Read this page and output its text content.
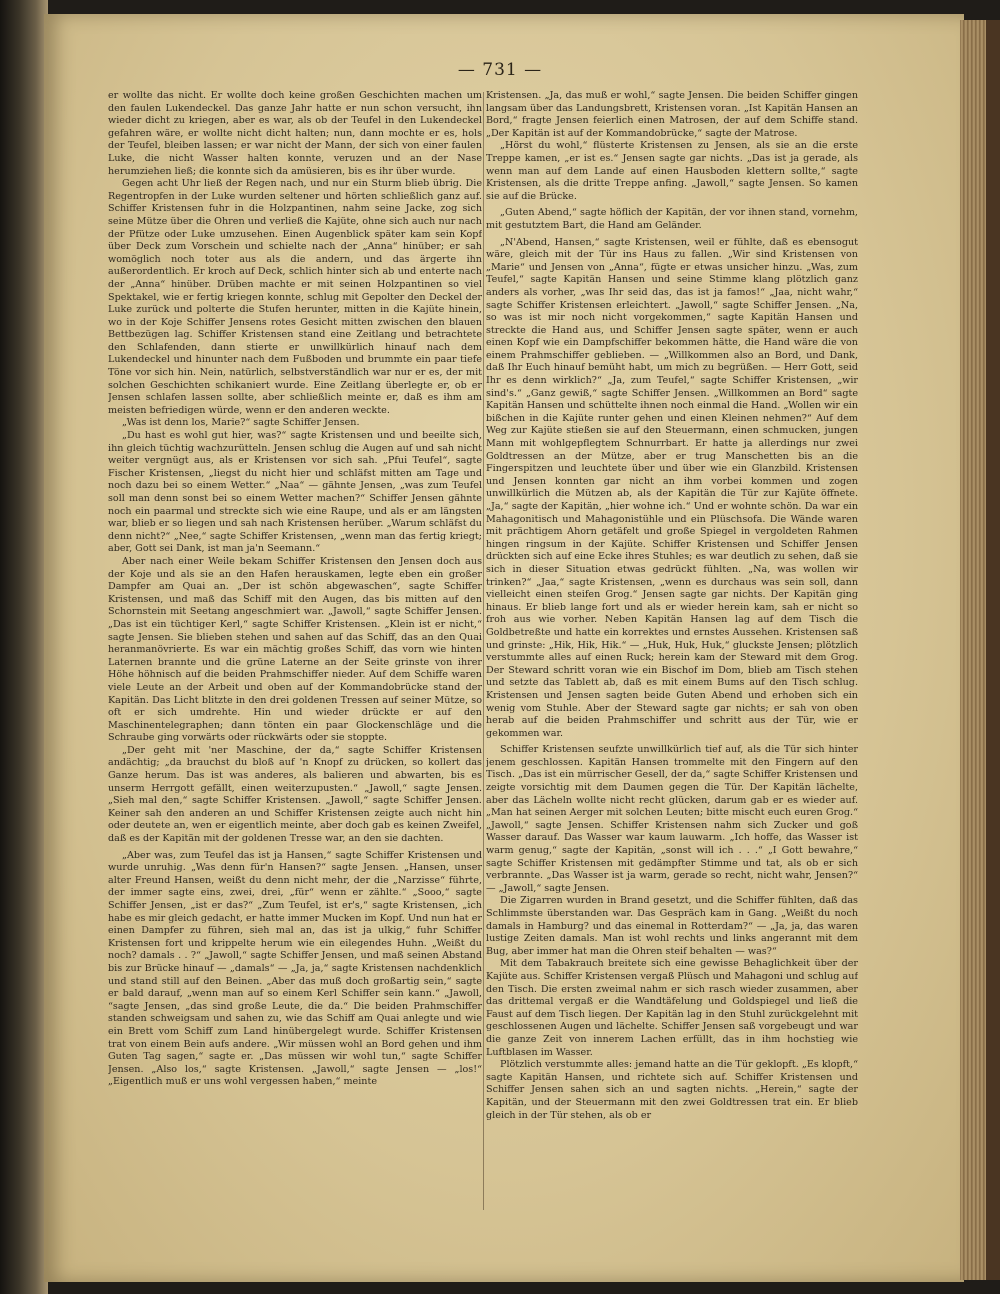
— 731 —

er wollte das nicht. Er wollte doch keine großen Geschichten machen um den faulen Lukendeckel. Das ganze Jahr hatte er nun schon versucht, ihn wieder dicht zu kriegen, aber es war, als ob der Teufel in den Lukendeckel gefahren wäre, er wollte nicht dicht halten; nun, dann mochte er es, hols der Teufel, bleiben lassen; er war nicht der Mann, der sich von einer faulen Luke, die nicht Wasser halten konnte, veruzen und an der Nase herumziehen ließ; die konnte sich da amüsieren, bis es ihr über wurde.

Gegen acht Uhr ließ der Regen nach, und nur ein Sturm blieb übrig. Die Regentropfen in der Luke wurden seltener und hörten schließlich ganz auf. Schiffer Kristensen fuhr in die Holzpantinen, nahm seine Jacke, zog sich seine Mütze über die Ohren und verließ die Kajüte, ohne sich auch nur nach der Pfütze oder Luke umzusehen. Einen Augenblick später kam sein Kopf über Deck zum Vorschein und schielte nach der „Anna“ hinüber; er sah womöglich noch toter aus als die andern, und das ärgerte ihn außerordentlich. Er kroch auf Deck, schlich hinter sich ab und enterte nach der „Anna“ hinüber. Drüben machte er mit seinen Holzpantinen so viel Spektakel, wie er fertig kriegen konnte, schlug mit Gepolter den Deckel der Luke zurück und polterte die Stufen herunter, mitten in die Kajüte hinein, wo in der Koje Schiffer Jensens rotes Gesicht mitten zwischen den blauen Bettbezügen lag. Schiffer Kristensen stand eine Zeitlang und betrachtete den Schlafenden, dann stierte er unwillkürlich hinauf nach dem Lukendeckel und hinunter nach dem Fußboden und brummte ein paar tiefe Töne vor sich hin. Nein, natürlich, selbstverständlich war nur er es, der mit solchen Geschichten schikaniert wurde. Eine Zeitlang überlegte er, ob er Jensen schlafen lassen sollte, aber schließlich meinte er, daß es ihm am meisten befriedigen würde, wenn er den anderen weckte.

„Was ist denn los, Marie?“ sagte Schiffer Jensen.

„Du hast es wohl gut hier, was?“ sagte Kristensen und und beeilte sich, ihn gleich tüchtig wachzurütteln. Jensen schlug die Augen auf und sah nicht weiter vergnügt aus, als er Kristensen vor sich sah. „Pfui Teufel“, sagte Fischer Kristensen, „liegst du nicht hier und schläfst mitten am Tage und noch dazu bei so einem Wetter.“ „Naa“ — gähnte Jensen, „was zum Teufel soll man denn sonst bei so einem Wetter machen?“ Schiffer Jensen gähnte noch ein paarmal und streckte sich wie eine Raupe, und als er am längsten war, blieb er so liegen und sah nach Kristensen herüber. „Warum schläfst du denn nicht?“ „Nee,“ sagte Schiffer Kristensen, „wenn man das fertig kriegt; aber, Gott sei Dank, ist man ja'n Seemann.“

Aber nach einer Weile bekam Schiffer Kristensen den Jensen doch aus der Koje und als sie an den Hafen herauskamen, legte eben ein großer Dampfer am Quai an. „Der ist schön abgewaschen“, sagte Schiffer Kristensen, und maß das Schiff mit den Augen, das bis mitten auf den Schornstein mit Seetang angeschmiert war. „Jawoll,“ sagte Schiffer Jensen. „Das ist ein tüchtiger Kerl,“ sagte Schiffer Kristensen. „Klein ist er nicht,“ sagte Jensen. Sie blieben stehen und sahen auf das Schiff, das an den Quai heranmanövrierte. Es war ein mächtig großes Schiff, das vorn wie hinten Laternen brannte und die grüne Laterne an der Seite grinste von ihrer Höhe höhnisch auf die beiden Prahmschiffer nieder. Auf dem Schiffe waren viele Leute an der Arbeit und oben auf der Kommandobrücke stand der Kapitän. Das Licht blitzte in den drei goldenen Tressen auf seiner Mütze, so oft er sich umdrehte. Hin und wieder drückte er auf den Maschinentelegraphen; dann tönten ein paar Glockenschläge und die Schraube ging vorwärts oder rückwärts oder sie stoppte.

„Der geht mit 'ner Maschine, der da,“ sagte Schiffer Kristensen andächtig; „da brauchst du bloß auf 'n Knopf zu drücken, so kollert das Ganze herum. Das ist was anderes, als balieren und abwarten, bis es unserm Herrgott gefällt, einen weiterzupusten.“ „Jawoll,“ sagte Jensen. „Sieh mal den,“ sagte Schiffer Kristensen. „Jawoll,“ sagte Schiffer Jensen. Keiner sah den anderen an und Schiffer Kristensen zeigte auch nicht hin oder deutete an, wen er eigentlich meinte, aber doch gab es keinen Zweifel, daß es der Kapitän mit der goldenen Tresse war, an den sie dachten.

„Aber was, zum Teufel das ist ja Hansen,“ sagte Schiffer Kristensen und wurde unruhig. „Was denn für'n Hansen?“ sagte Jensen. „Hansen, unser alter Freund Hansen, weißt du denn nicht mehr, der die „Narzisse“ führte, der immer sagte eins, zwei, drei, „für“ wenn er zählte.“ „Sooo,“ sagte Schiffer Jensen, „ist er das?“ „Zum Teufel, ist er's,“ sagte Kristensen, „ich habe es mir gleich gedacht, er hatte immer Mucken im Kopf. Und nun hat er einen Dampfer zu führen, sieh mal an, das ist ja ulkig,“ fuhr Schiffer Kristensen fort und krippelte herum wie ein eilegendes Huhn. „Weißt du noch? damals . . ?“ „Jawoll,“ sagte Schiffer Jensen, und maß seinen Abstand bis zur Brücke hinauf — „damals“ — „Ja, ja,“ sagte Kristensen nachdenklich und stand still auf den Beinen. „Aber das muß doch großartig sein,“ sagte er bald darauf, „wenn man auf so einem Kerl Schiffer sein kann.“ „Jawoll, “sagte Jensen, „das sind große Leute, die da.“ Die beiden Prahmschiffer standen schweigsam und sahen zu, wie das Schiff am Quai anlegte und wie ein Brett vom Schiff zum Land hinübergelegt wurde. Schiffer Kristensen trat von einem Bein aufs andere. „Wir müssen wohl an Bord gehen und ihm Guten Tag sagen,“ sagte er. „Das müssen wir wohl tun,“ sagte Schiffer Jensen. „Also los,“ sagte Kristensen. „Jawoll,“ sagte Jensen — „los!“ „Eigentlich muß er uns wohl vergessen haben,“ meinte

Kristensen. „Ja, das muß er wohl,“ sagte Jensen. Die beiden Schiffer gingen langsam über das Landungsbrett, Kristensen voran. „Ist Kapitän Hansen an Bord,“ fragte Jensen feierlich einen Matrosen, der auf dem Schiffe stand. „Der Kapitän ist auf der Kommandobrücke,“ sagte der Matrose.

„Hörst du wohl,“ flüsterte Kristensen zu Jensen, als sie an die erste Treppe kamen, „er ist es.“ Jensen sagte gar nichts. „Das ist ja gerade, als wenn man auf dem Lande auf einen Hausboden klettern sollte,“ sagte Kristensen, als die dritte Treppe anfing. „Jawoll,“ sagte Jensen. So kamen sie auf die Brücke.

„Guten Abend,“ sagte höflich der Kapitän, der vor ihnen stand, vornehm, mit gestutztem Bart, die Hand am Geländer.

„N'Abend, Hansen,“ sagte Kristensen, weil er fühlte, daß es ebensogut wäre, gleich mit der Tür ins Haus zu fallen. „Wir sind Kristensen von „Marie“ und Jensen von „Anna“, fügte er etwas unsicher hinzu. „Was, zum Teufel,“ sagte Kapitän Hansen und seine Stimme klang plötzlich ganz anders als vorher, „was Ihr seid das, das ist ja famos!“ „Jaa, nicht wahr,“ sagte Schiffer Kristensen erleichtert. „Jawoll,“ sagte Schiffer Jensen. „Na, so was ist mir noch nicht vorgekommen,“ sagte Kapitän Hansen und streckte die Hand aus, und Schiffer Jensen sagte später, wenn er auch einen Kopf wie ein Dampfschiffer bekommen hätte, die Hand wäre die von einem Prahmschiffer geblieben. — „Willkommen also an Bord, und Dank, daß Ihr Euch hinauf bemüht habt, um mich zu begrüßen. — Herr Gott, seid Ihr es denn wirklich?“ „Ja, zum Teufel,“ sagte Schiffer Kristensen, „wir sind's.“ „Ganz gewiß,“ sagte Schiffer Jensen. „Willkommen an Bord“ sagte Kapitän Hansen und schüttelte ihnen noch einmal die Hand. „Wollen wir ein bißchen in die Kajüte runter gehen und einen Kleinen nehmen?“ Auf dem Weg zur Kajüte stießen sie auf den Steuermann, einen schmucken, jungen Mann mit wohlgepflegtem Schnurrbart. Er hatte ja allerdings nur zwei Goldtressen an der Mütze, aber er trug Manschetten bis an die Fingerspitzen und leuchtete über und über wie ein Glanzbild. Kristensen und Jensen konnten gar nicht an ihm vorbei kommen und zogen unwillkürlich die Mützen ab, als der Kapitän die Tür zur Kajüte öffnete. „Ja,“ sagte der Kapitän, „hier wohne ich.“ Und er wohnte schön. Da war ein Mahagonitisch und Mahagonistühle und ein Plüschsofa. Die Wände waren mit prächtigem Ahorn getäfelt und große Spiegel in vergoldeten Rahmen hingen ringsum in der Kajüte. Schiffer Kristensen und Schiffer Jensen drückten sich auf eine Ecke ihres Stuhles; es war deutlich zu sehen, daß sie sich in dieser Situation etwas gedrückt fühlten. „Na, was wollen wir trinken?“ „Jaa,“ sagte Kristensen, „wenn es durchaus was sein soll, dann vielleicht einen steifen Grog.“ Jensen sagte gar nichts. Der Kapitän ging hinaus. Er blieb lange fort und als er wieder herein kam, sah er nicht so froh aus wie vorher. Neben Kapitän Hansen lag auf dem Tisch die Goldbetreßte und hatte ein korrektes und ernstes Aussehen. Kristensen saß und grinste: „Hik, Hik, Hik.“ — „Huk, Huk, Huk,“ gluckste Jensen; plötzlich verstummte alles auf einen Ruck; herein kam der Steward mit dem Grog. Der Steward schritt voran wie ein Bischof im Dom, blieb am Tisch stehen und setzte das Tablett ab, daß es mit einem Bums auf den Tisch schlug. Kristensen und Jensen sagten beide Guten Abend und erhoben sich ein wenig vom Stuhle. Aber der Steward sagte gar nichts; er sah von oben herab auf die beiden Prahmschiffer und schritt aus der Tür, wie er gekommen war.

Schiffer Kristensen seufzte unwillkürlich tief auf, als die Tür sich hinter jenem geschlossen. Kapitän Hansen trommelte mit den Fingern auf den Tisch. „Das ist ein mürrischer Gesell, der da,“ sagte Schiffer Kristensen und zeigte vorsichtig mit dem Daumen gegen die Tür. Der Kapitän lächelte, aber das Lächeln wollte nicht recht glücken, darum gab er es wieder auf. „Man hat seinen Aerger mit solchen Leuten; bitte mischt euch euren Grog.“ „Jawoll,“ sagte Jensen. Schiffer Kristensen nahm sich Zucker und goß Wasser darauf. Das Wasser war kaum lauwarm. „Ich hoffe, das Wasser ist warm genug,“ sagte der Kapitän, „sonst will ich . . .“ „I Gott bewahre,“ sagte Schiffer Kristensen mit gedämpfter Stimme und tat, als ob er sich verbrannte. „Das Wasser ist ja warm, gerade so recht, nicht wahr, Jensen?“ — „Jawoll,“ sagte Jensen.

Die Zigarren wurden in Brand gesetzt, und die Schiffer fühlten, daß das Schlimmste überstanden war. Das Gespräch kam in Gang. „Weißt du noch damals in Hamburg? und das einemal in Rotterdam?“ — „Ja, ja, das waren lustige Zeiten damals. Man ist wohl rechts und links angerannt mit dem Bug, aber immer hat man die Ohren steif behalten — was?“

Mit dem Tabakrauch breitete sich eine gewisse Behaglichkeit über der Kajüte aus. Schiffer Kristensen vergaß Plüsch und Mahagoni und schlug auf den Tisch. Die ersten zweimal nahm er sich rasch wieder zusammen, aber das drittemal vergaß er die Wandtäfelung und Goldspiegel und ließ die Faust auf dem Tisch liegen. Der Kapitän lag in den Stuhl zurückgelehnt mit geschlossenen Augen und lächelte. Schiffer Jensen saß vorgebeugt und war die ganze Zeit von innerem Lachen erfüllt, das in ihm hochstieg wie Luftblasen im Wasser.

Plötzlich verstummte alles: jemand hatte an die Tür geklopft. „Es klopft,“ sagte Kapitän Hansen, und richtete sich auf. Schiffer Kristensen und Schiffer Jensen sahen sich an und sagten nichts. „Herein,“ sagte der Kapitän, und der Steuermann mit den zwei Goldtressen trat ein. Er blieb gleich in der Tür stehen, als ob er
